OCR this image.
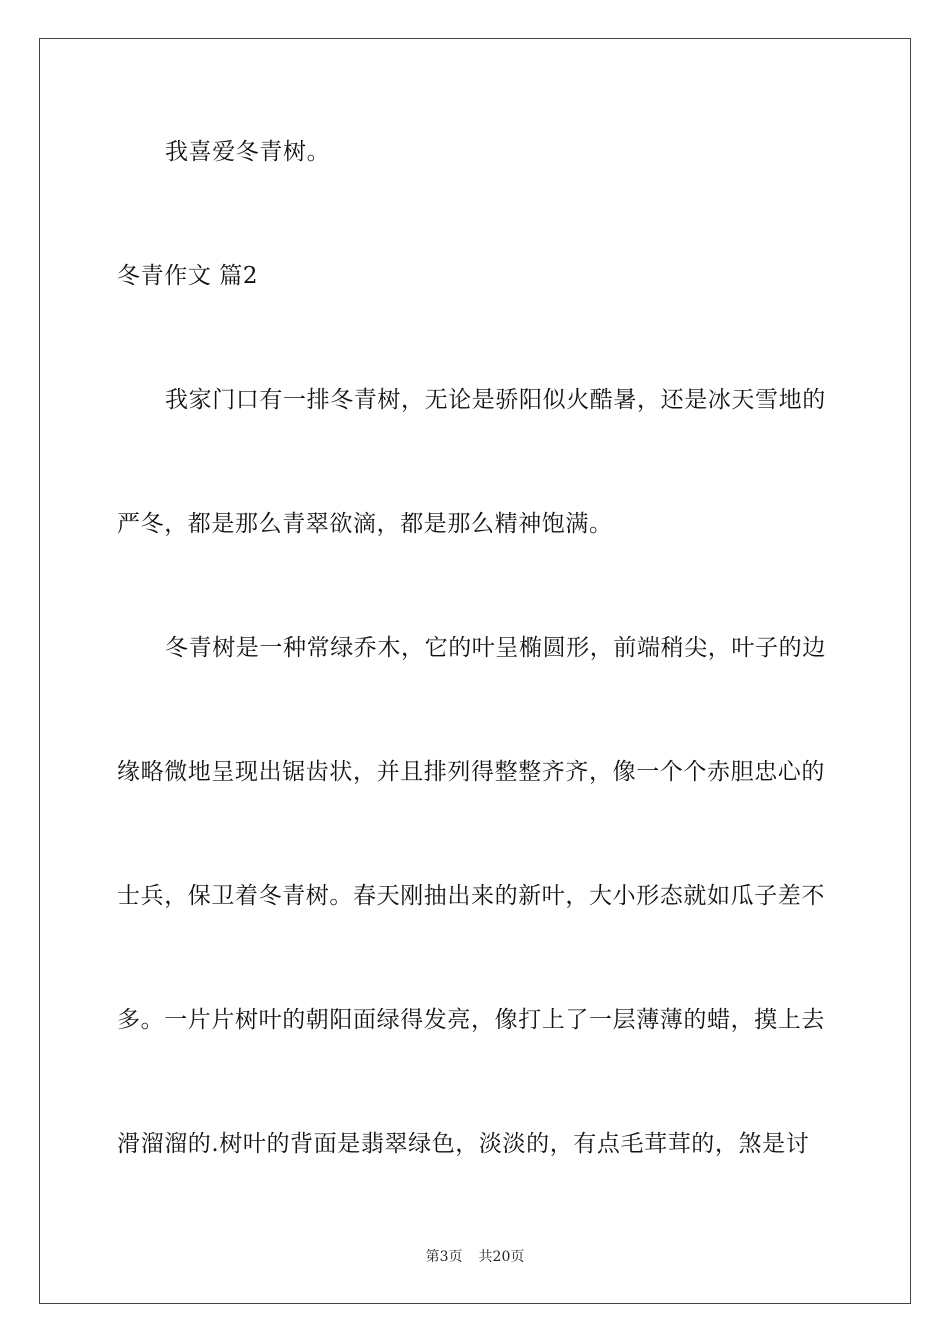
我喜爱冬青树。
冬青作文 篇2
我家门口有一排冬青树，无论是骄阳似火酷暑，还是冰天雪地的
严冬，都是那么青翠欲滴，都是那么精神饱满。
冬青树是一种常绿乔木，它的叶呈椭圆形，前端稍尖，叶子的边
缘略微地呈现出锯齿状，并且排列得整整齐齐，像一个个赤胆忠心的
士兵，保卫着冬青树。春天刚抽出来的新叶，大小形态就如瓜子差不
多。一片片树叶的朝阳面绿得发亮，像打上了一层薄薄的蜡，摸上去
滑溜溜的.树叶的背面是翡翠绿色，淡淡的，有点毛茸茸的，煞是讨
第3页 共20页
